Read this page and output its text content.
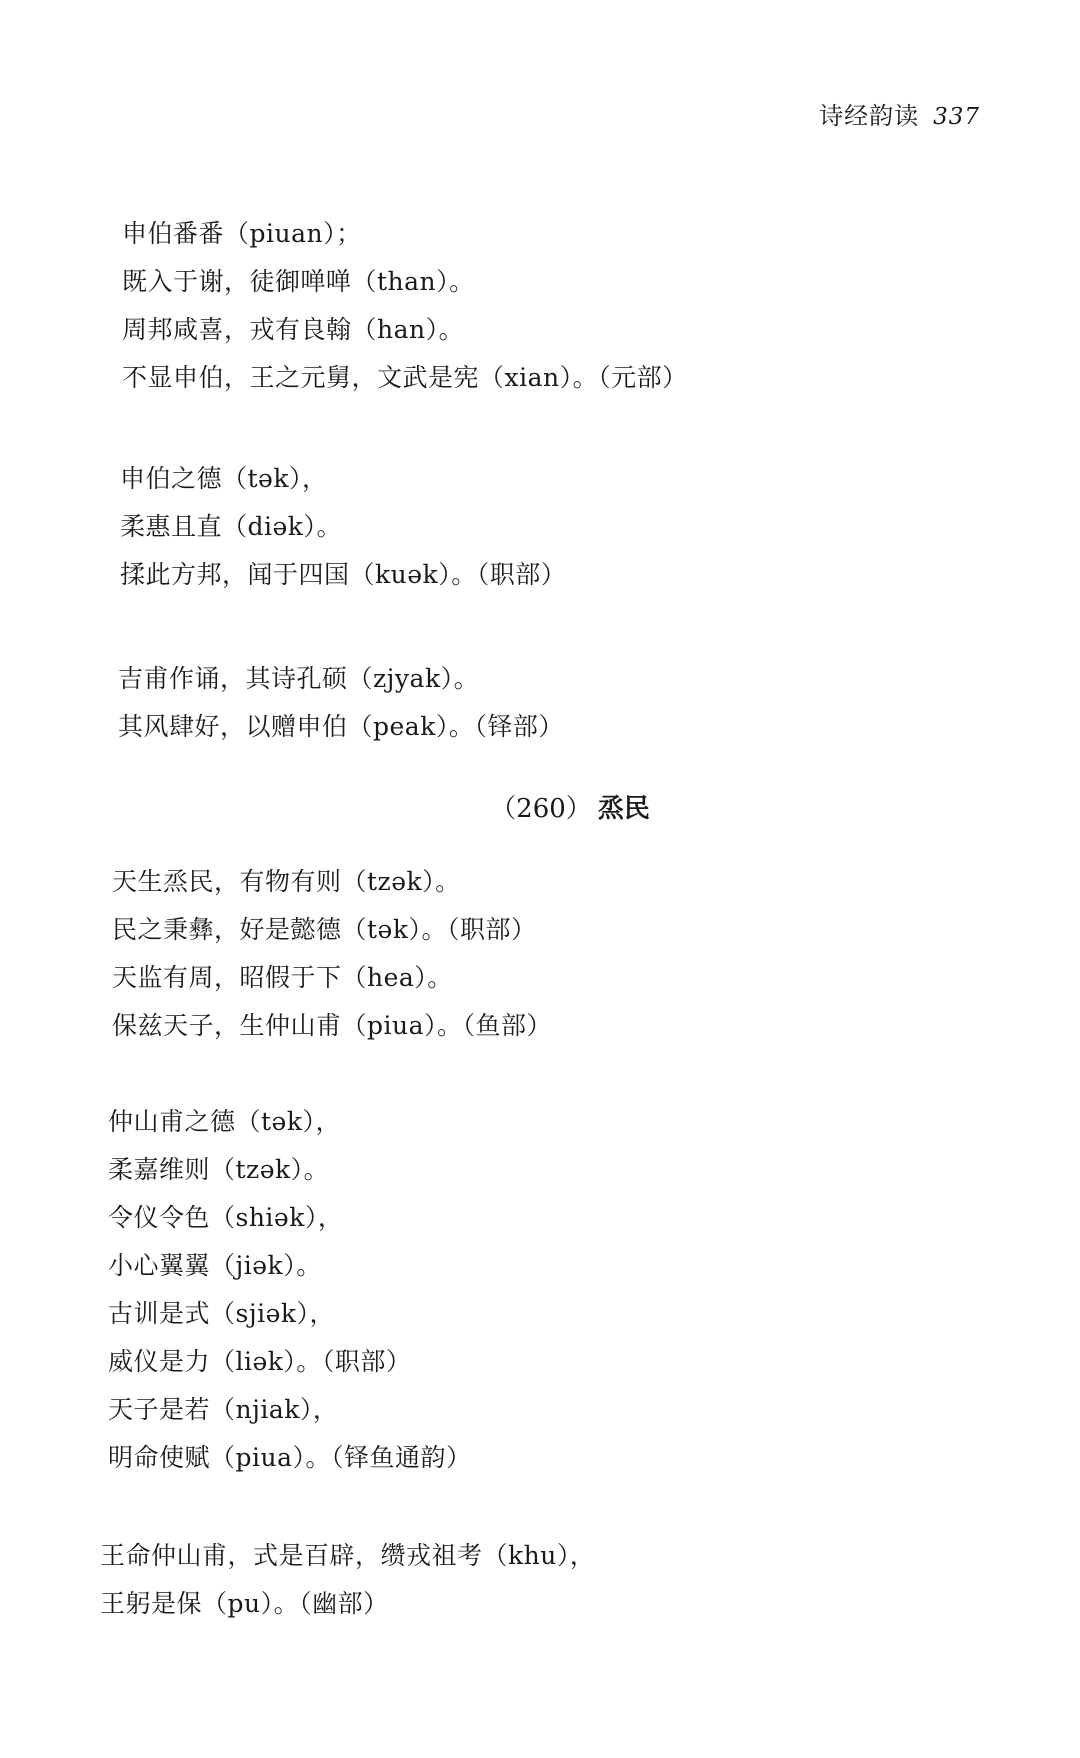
诗经韵读 337
申伯番番（piuan）；
既入于谢，徒御啴啴（than）。
周邦咸喜，戎有良翰（han）。
不显申伯，王之元舅，文武是宪（xian）。（元部）
申伯之德（tək），
柔惠且直（diək）。
揉此方邦，闻于四国（kuək）。（职部）
吉甫作诵，其诗孔硕（zjyak）。
其风肆好，以赠申伯（peak）。（铎部）
（260） 烝民
天生烝民，有物有则（tzək）。
民之秉彝，好是懿德（tək）。（职部）
天监有周，昭假于下（hea）。
保兹天子，生仲山甫（piua）。（鱼部）
仲山甫之德（tək），
柔嘉维则（tzək）。
令仪令色（shiək），
小心翼翼（jiək）。
古训是式（sjiək），
威仪是力（liək）。（职部）
天子是若（njiak），
明命使赋（piua）。（铎鱼通韵）
王命仲山甫，式是百辟，缵戎祖考（khu），
王躬是保（pu）。（幽部）
